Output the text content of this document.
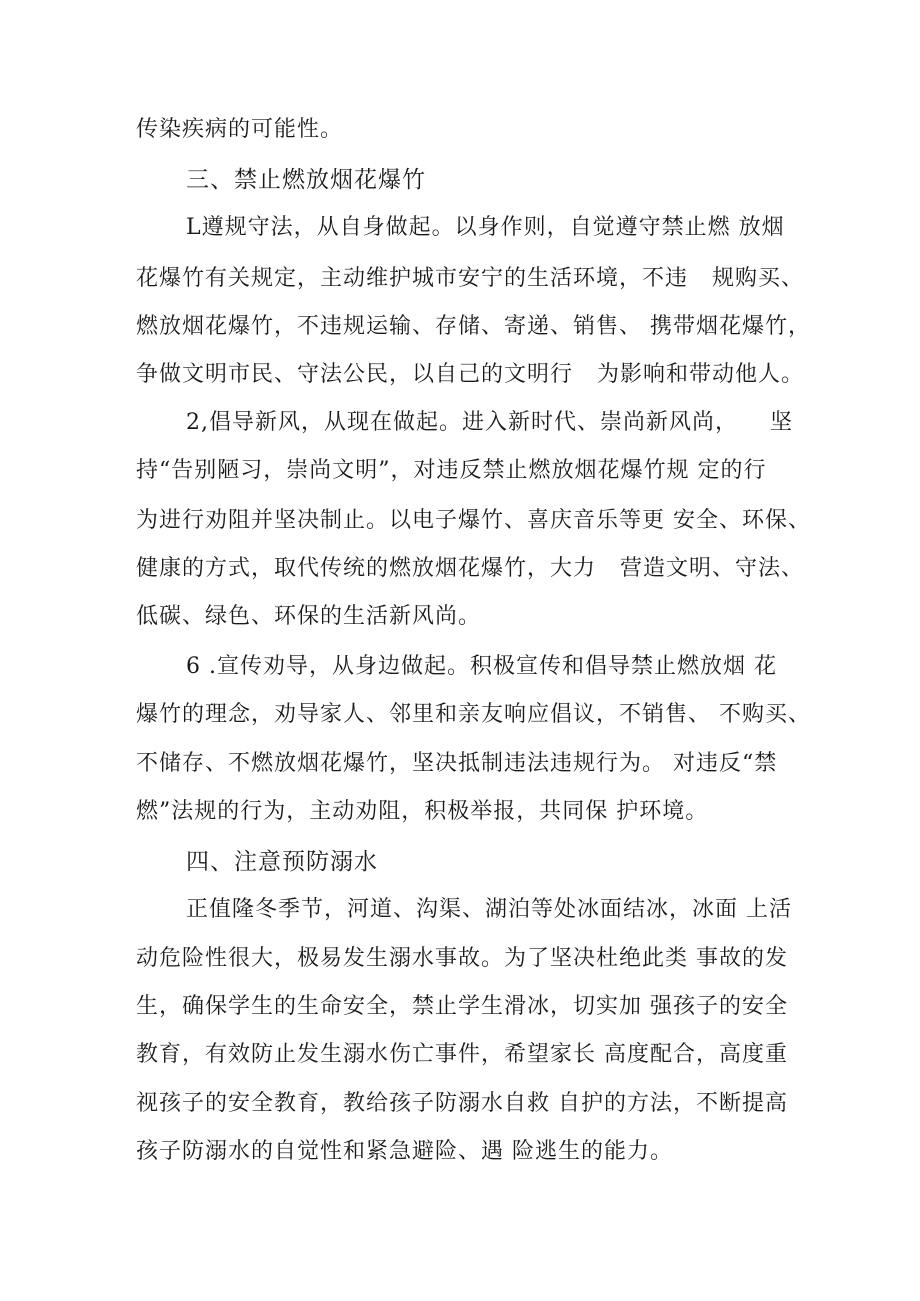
传染疾病的可能性。
三、禁止燃放烟花爆竹
L遵规守法，从自身做起。以身作则，自觉遵守禁止燃 放烟
花爆竹有关规定，主动维护城市安宁的生活环境，不违   规购买、
燃放烟花爆竹，不违规运输、存储、寄递、销售、 携带烟花爆竹，
争做文明市民、守法公民，以自己的文明行   为影响和带动他人。
2,倡导新风，从现在做起。进入新时代、崇尚新风尚，    坚
持“告别陋习，崇尚文明”，对违反禁止燃放烟花爆竹规 定的行
为进行劝阻并坚决制止。以电子爆竹、喜庆音乐等更 安全、环保、
健康的方式，取代传统的燃放烟花爆竹，大力   营造文明、守法、
低碳、绿色、环保的生活新风尚。
6 .宣传劝导，从身边做起。积极宣传和倡导禁止燃放烟 花
爆竹的理念，劝导家人、邻里和亲友响应倡议，不销售、 不购买、
不储存、不燃放烟花爆竹，坚决抵制违法违规行为。 对违反“禁
燃”法规的行为，主动劝阻，积极举报，共同保 护环境。
四、注意预防溺水
正值隆冬季节，河道、沟渠、湖泊等处冰面结冰，冰面 上活
动危险性很大，极易发生溺水事故。为了坚决杜绝此类 事故的发
生，确保学生的生命安全，禁止学生滑冰，切实加 强孩子的安全
教育，有效防止发生溺水伤亡事件，希望家长 高度配合，高度重
视孩子的安全教育，教给孩子防溺水自救 自护的方法，不断提高
孩子防溺水的自觉性和紧急避险、遇 险逃生的能力。
